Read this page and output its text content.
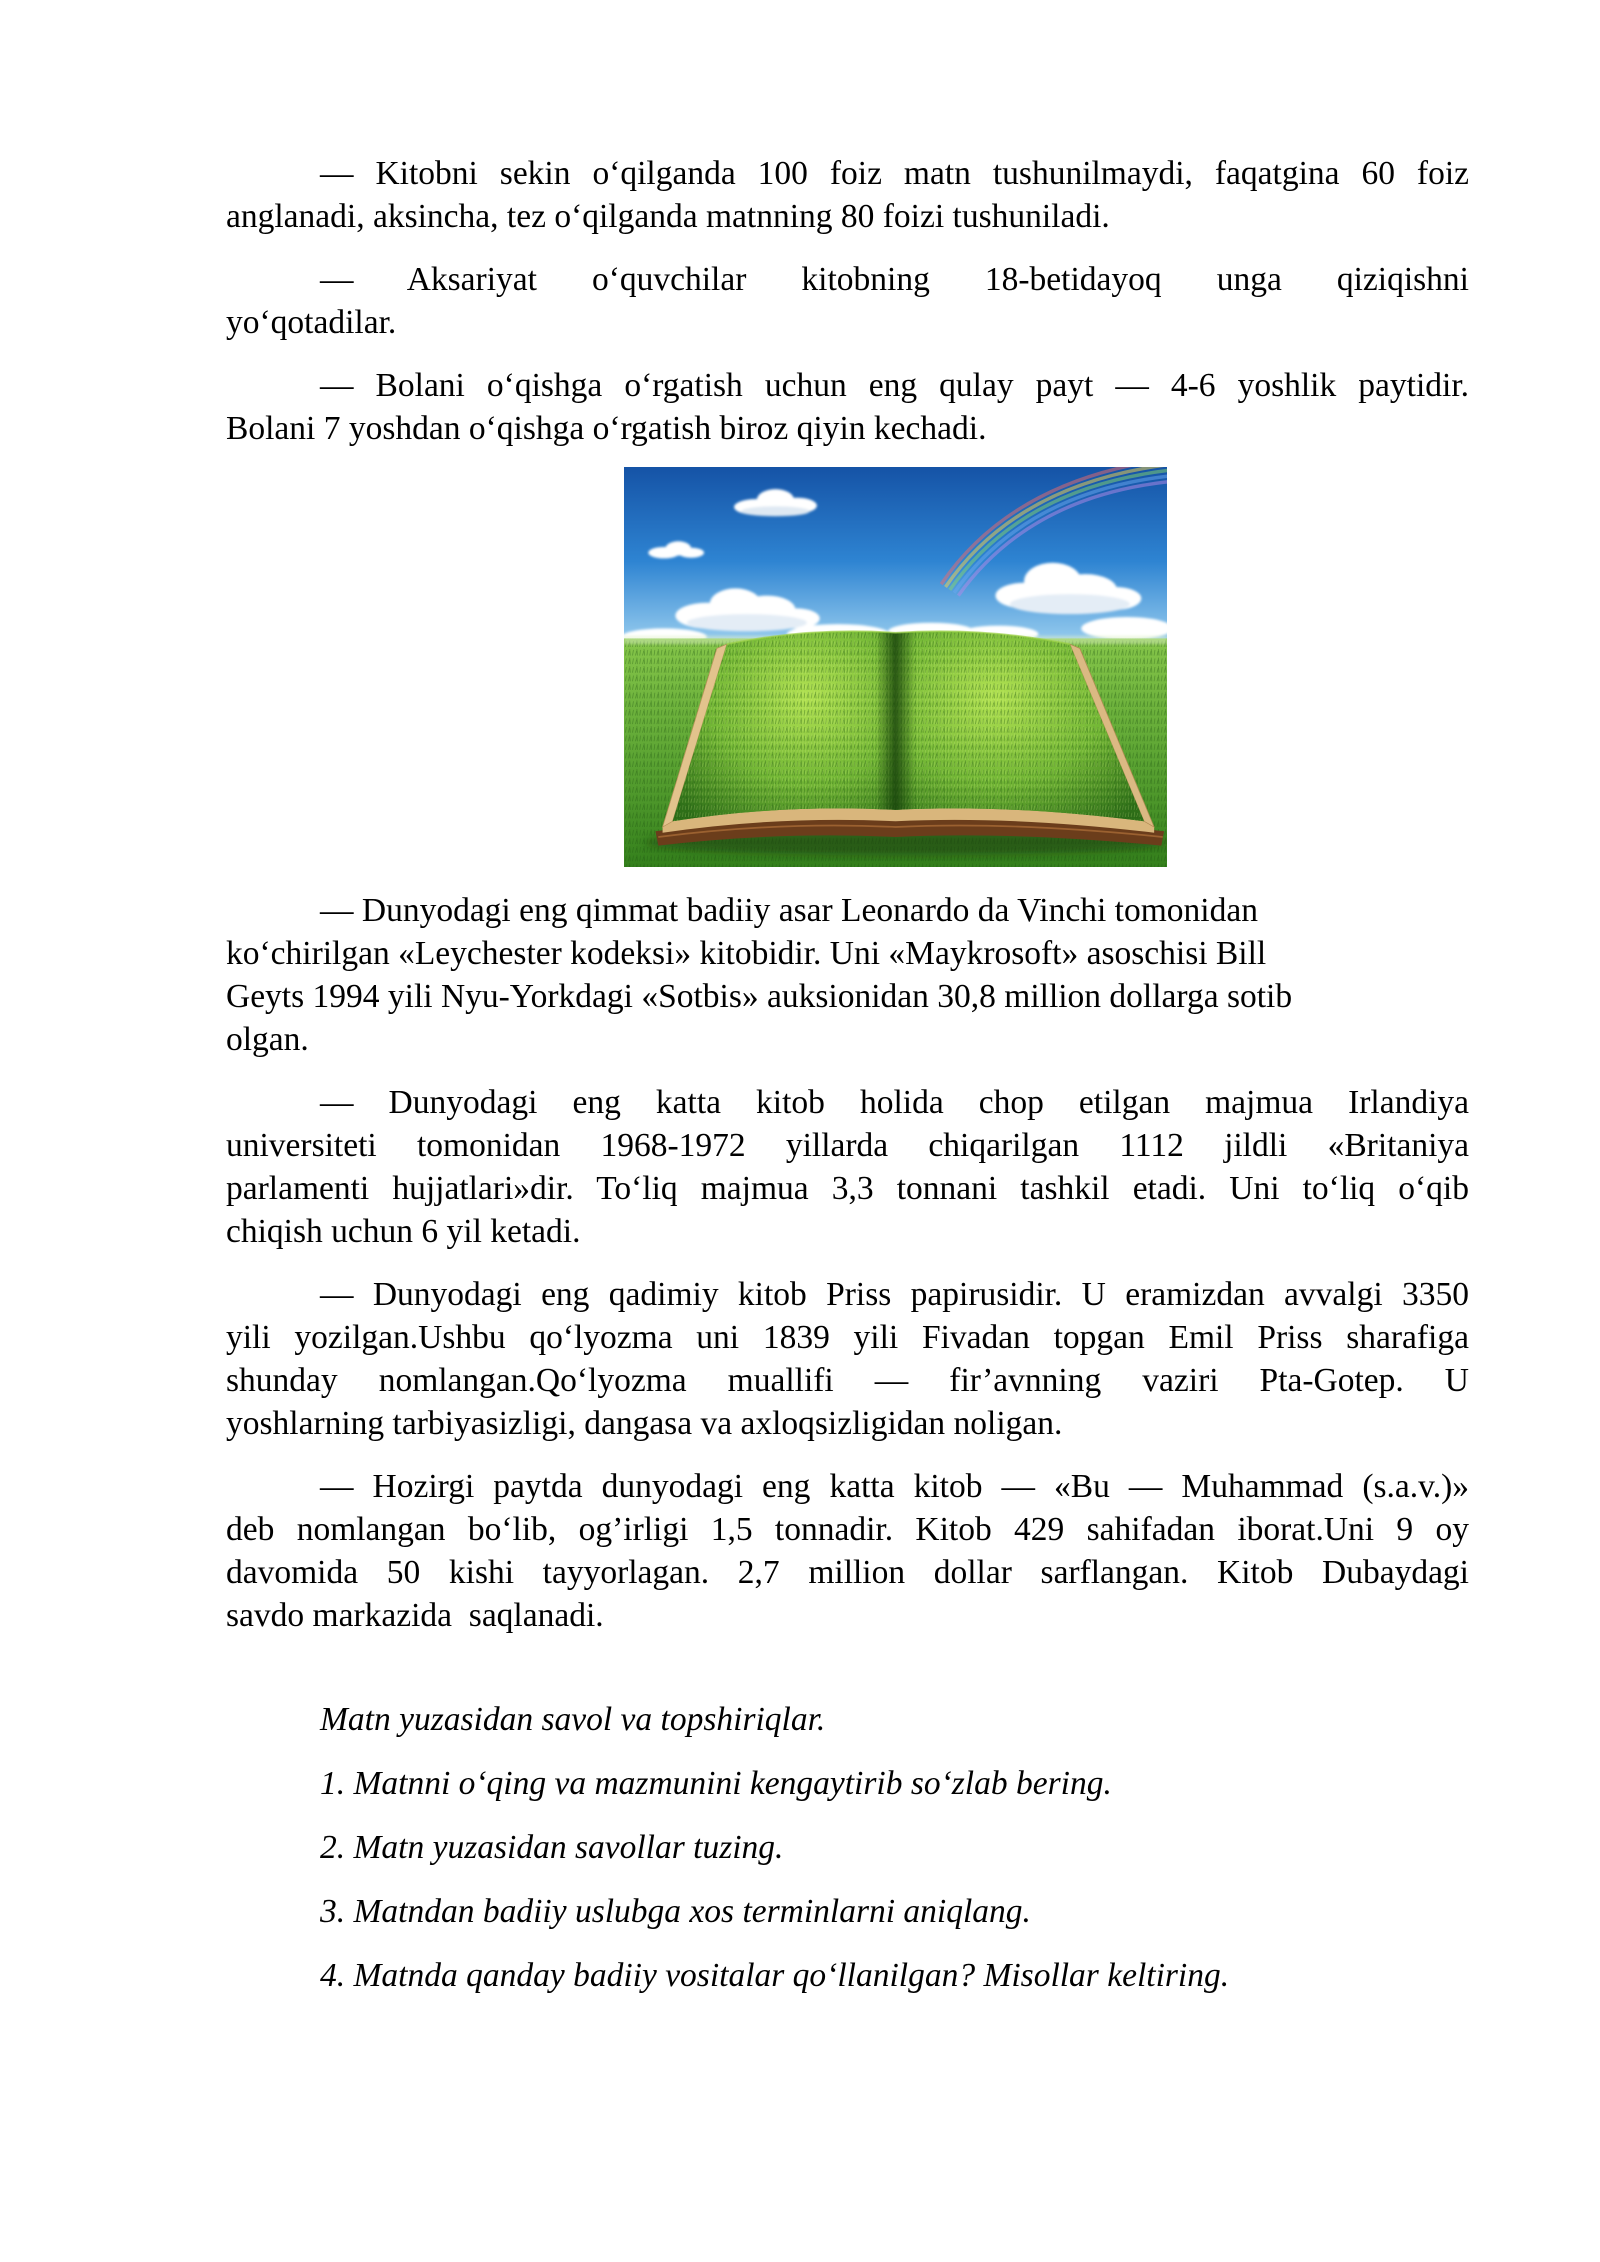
— Kitobni sekin o‘qilganda 100 foiz matn tushunilmaydi, faqatgina 60 foiz
anglanadi, aksincha, tez o‘qilganda matnning 80 foizi tushuniladi.
— Aksariyat o‘quvchilar kitobning 18-betidayoq unga qiziqishni
yo‘qotadilar.
— Bolani o‘qishga o‘rgatish uchun eng qulay payt — 4-6 yoshlik paytidir.
Bolani 7 yoshdan o‘qishga o‘rgatish biroz qiyin kechadi.
— Dunyodagi eng qimmat badiiy asar Leonardo da Vinchi tomonidan
ko‘chirilgan «Leychester kodeksi» kitobidir. Uni «Maykrosoft» asoschisi Bill
Geyts 1994 yili Nyu-Yorkdagi «Sotbis» auksionidan 30,8 million dollarga sotib
olgan.
— Dunyodagi eng katta kitob holida chop etilgan majmua Irlandiya
universiteti tomonidan 1968-1972 yillarda chiqarilgan 1112 jildli «Britaniya
parlamenti hujjatlari»dir. To‘liq majmua 3,3 tonnani tashkil etadi. Uni to‘liq o‘qib
chiqish uchun 6 yil ketadi.
— Dunyodagi eng qadimiy kitob Priss papirusidir. U eramizdan avvalgi 3350
yili yozilgan.Ushbu qo‘lyozma uni 1839 yili Fivadan topgan Emil Priss sharafiga
shunday nomlangan.Qo‘lyozma muallifi — fir’avnning vaziri Pta-Gotep. U
yoshlarning tarbiyasizligi, dangasa va axloqsizligidan noligan.
— Hozirgi paytda dunyodagi eng katta kitob — «Bu — Muhammad (s.a.v.)»
deb nomlangan bo‘lib, og’irligi 1,5 tonnadir. Kitob 429 sahifadan iborat.Uni 9 oy
davomida 50 kishi tayyorlagan. 2,7 million dollar sarflangan. Kitob Dubaydagi
savdo markazida  saqlanadi.
Matn yuzasidan savol va topshiriqlar.
1. Matnni o‘qing va mazmunini kengaytirib so‘zlab bering.
2. Matn yuzasidan savollar tuzing.
3. Matndan badiiy uslubga xos terminlarni aniqlang.
4. Matnda qanday badiiy vositalar qo‘llanilgan? Misollar keltiring.
